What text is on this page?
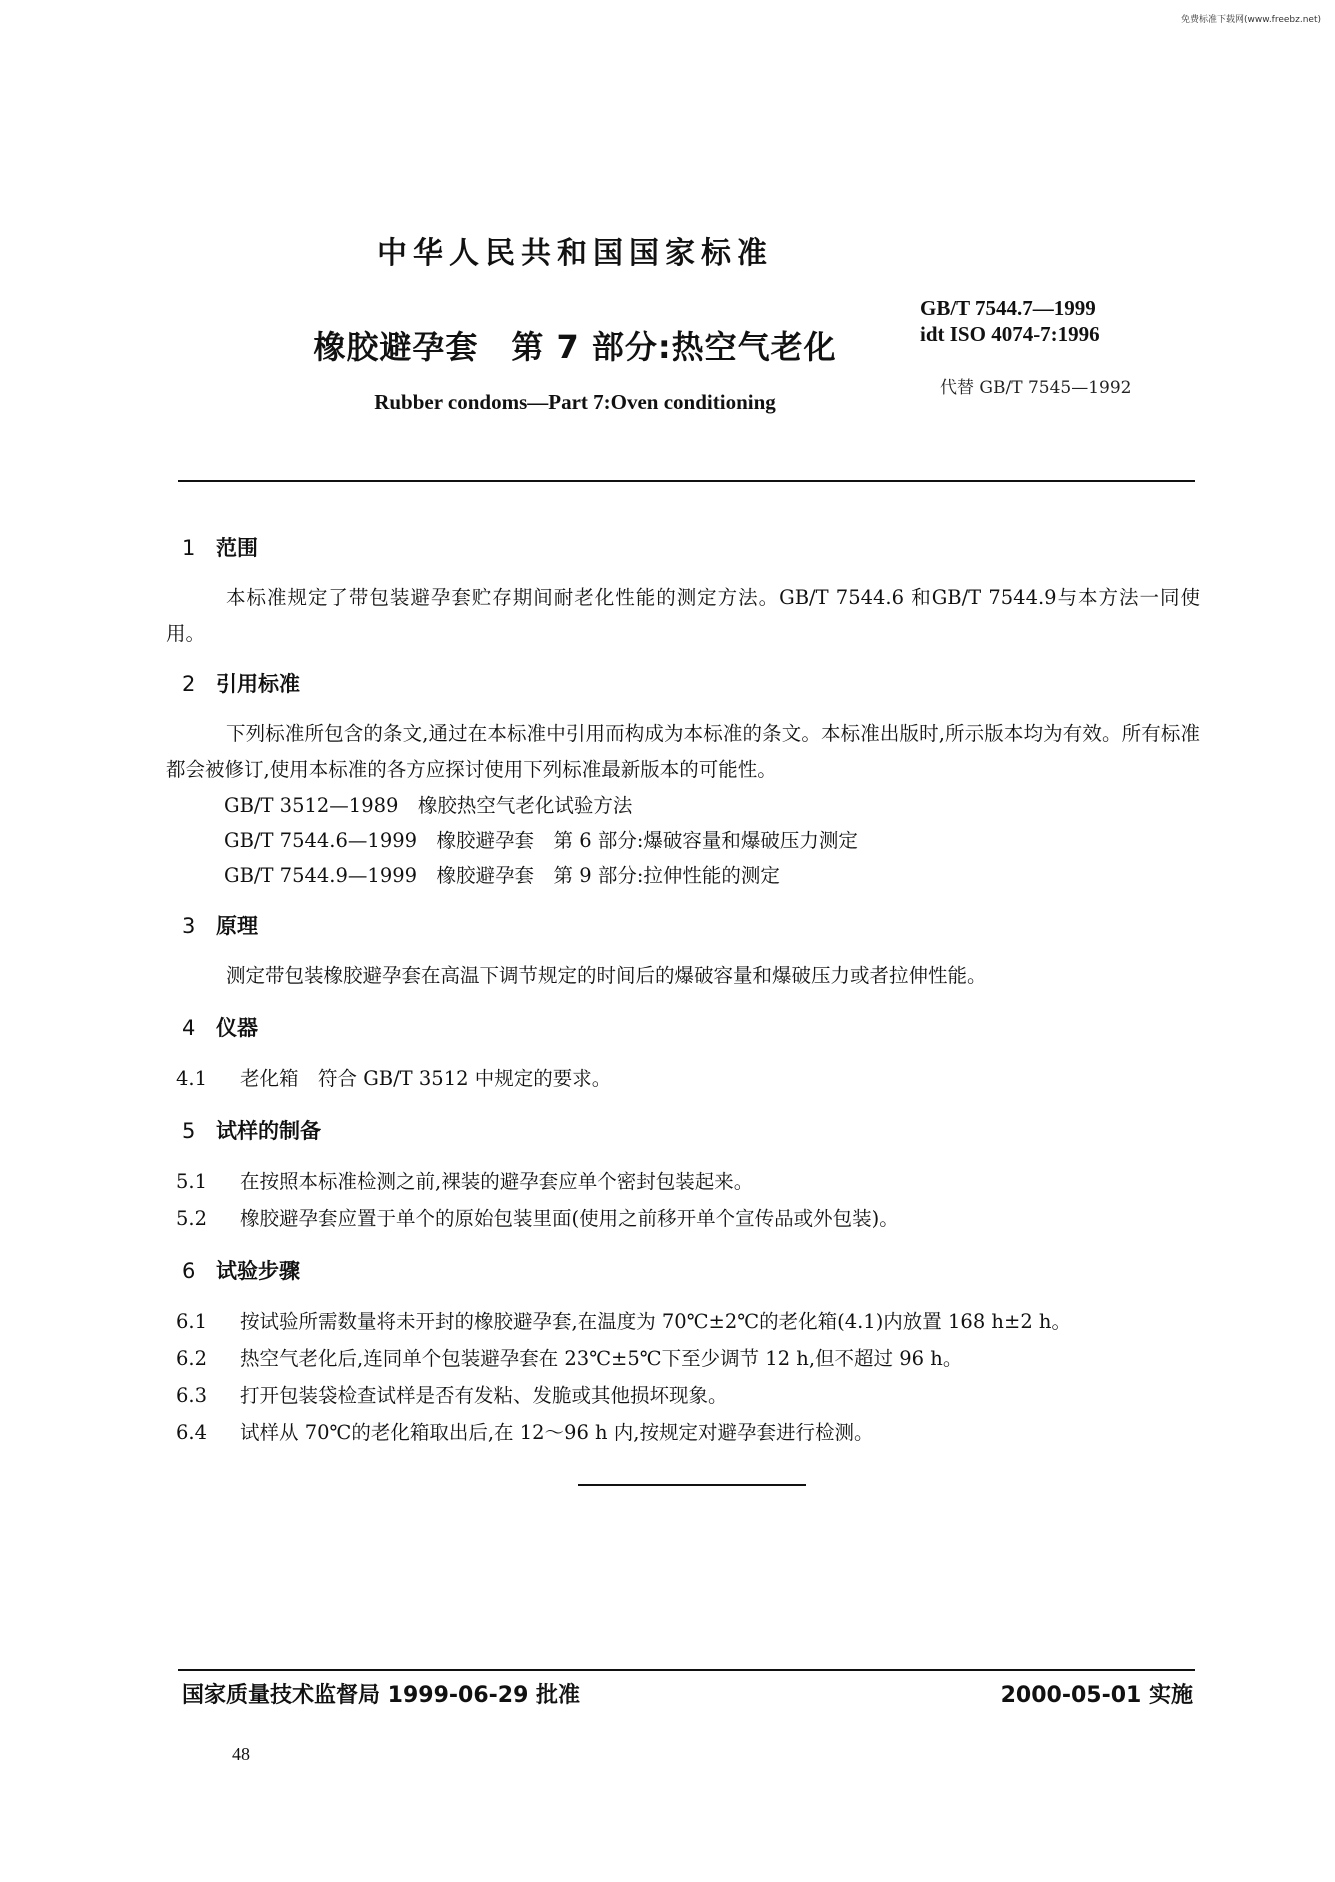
免费标准下载网(www.freebz.net)
中华人民共和国国家标准
GB/T 7544.7—1999
idt ISO 4074-7:1996
代替 GB/T 7545—1992
橡胶避孕套　第 7 部分:热空气老化
Rubber condoms—Part 7:Oven conditioning
1 范围
本标准规定了带包装避孕套贮存期间耐老化性能的测定方法。GB/T 7544.6 和GB/T 7544.9与本方法一同使用。
2 引用标准
下列标准所包含的条文,通过在本标准中引用而构成为本标准的条文。本标准出版时,所示版本均为有效。所有标准都会被修订,使用本标准的各方应探讨使用下列标准最新版本的可能性。
GB/T 3512—1989　橡胶热空气老化试验方法
GB/T 7544.6—1999　橡胶避孕套　第 6 部分:爆破容量和爆破压力测定
GB/T 7544.9—1999　橡胶避孕套　第 9 部分:拉伸性能的测定
3 原理
测定带包装橡胶避孕套在高温下调节规定的时间后的爆破容量和爆破压力或者拉伸性能。
4 仪器
4.1 老化箱　符合 GB/T 3512 中规定的要求。
5 试样的制备
5.1 在按照本标准检测之前,裸装的避孕套应单个密封包装起来。
5.2 橡胶避孕套应置于单个的原始包装里面(使用之前移开单个宣传品或外包装)。
6 试验步骤
6.1 按试验所需数量将未开封的橡胶避孕套,在温度为 70℃±2℃的老化箱(4.1)内放置 168 h±2 h。
6.2 热空气老化后,连同单个包装避孕套在 23℃±5℃下至少调节 12 h,但不超过 96 h。
6.3 打开包装袋检查试样是否有发粘、发脆或其他损坏现象。
6.4 试样从 70℃的老化箱取出后,在 12～96 h 内,按规定对避孕套进行检测。
国家质量技术监督局 1999-06-29 批准	2000-05-01 实施
48
